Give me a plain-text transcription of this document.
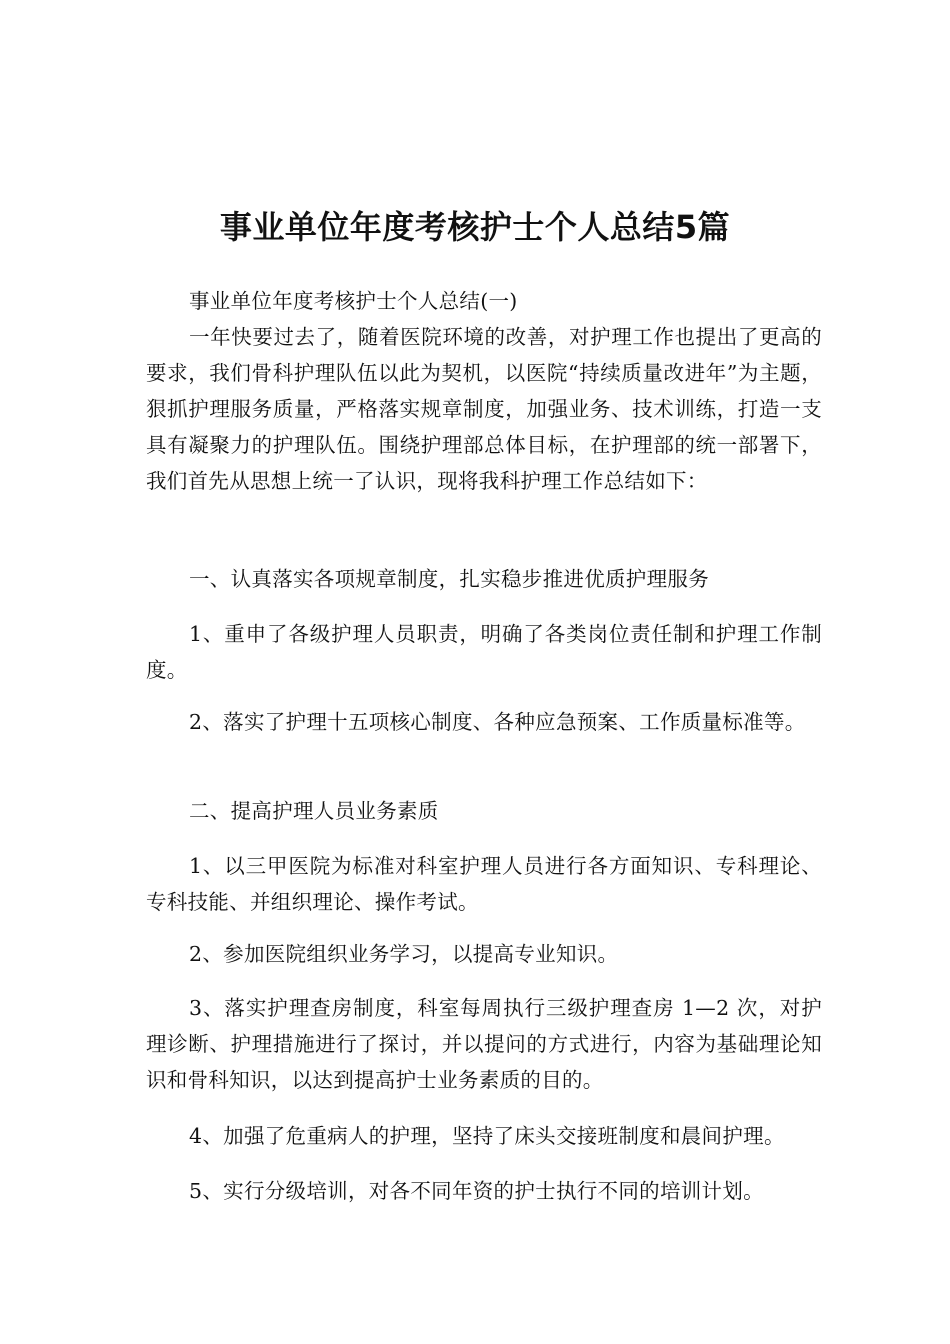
事业单位年度考核护士个人总结5篇

事业单位年度考核护士个人总结(一)

一年快要过去了，随着医院环境的改善，对护理工作也提出了更高的要求，我们骨科护理队伍以此为契机，以医院“持续质量改进年”为主题，狠抓护理服务质量，严格落实规章制度，加强业务、技术训练，打造一支具有凝聚力的护理队伍。围绕护理部总体目标，在护理部的统一部署下，我们首先从思想上统一了认识，现将我科护理工作总结如下：

一、认真落实各项规章制度，扎实稳步推进优质护理服务

1、重申了各级护理人员职责，明确了各类岗位责任制和护理工作制度。

2、落实了护理十五项核心制度、各种应急预案、工作质量标准等。

二、提高护理人员业务素质

1、以三甲医院为标准对科室护理人员进行各方面知识、专科理论、专科技能、并组织理论、操作考试。

2、参加医院组织业务学习，以提高专业知识。

3、落实护理查房制度，科室每周执行三级护理查房 1—2 次，对护理诊断、护理措施进行了探讨，并以提问的方式进行，内容为基础理论知识和骨科知识，以达到提高护士业务素质的目的。

4、加强了危重病人的护理，坚持了床头交接班制度和晨间护理。

5、实行分级培训，对各不同年资的护士执行不同的培训计划。
